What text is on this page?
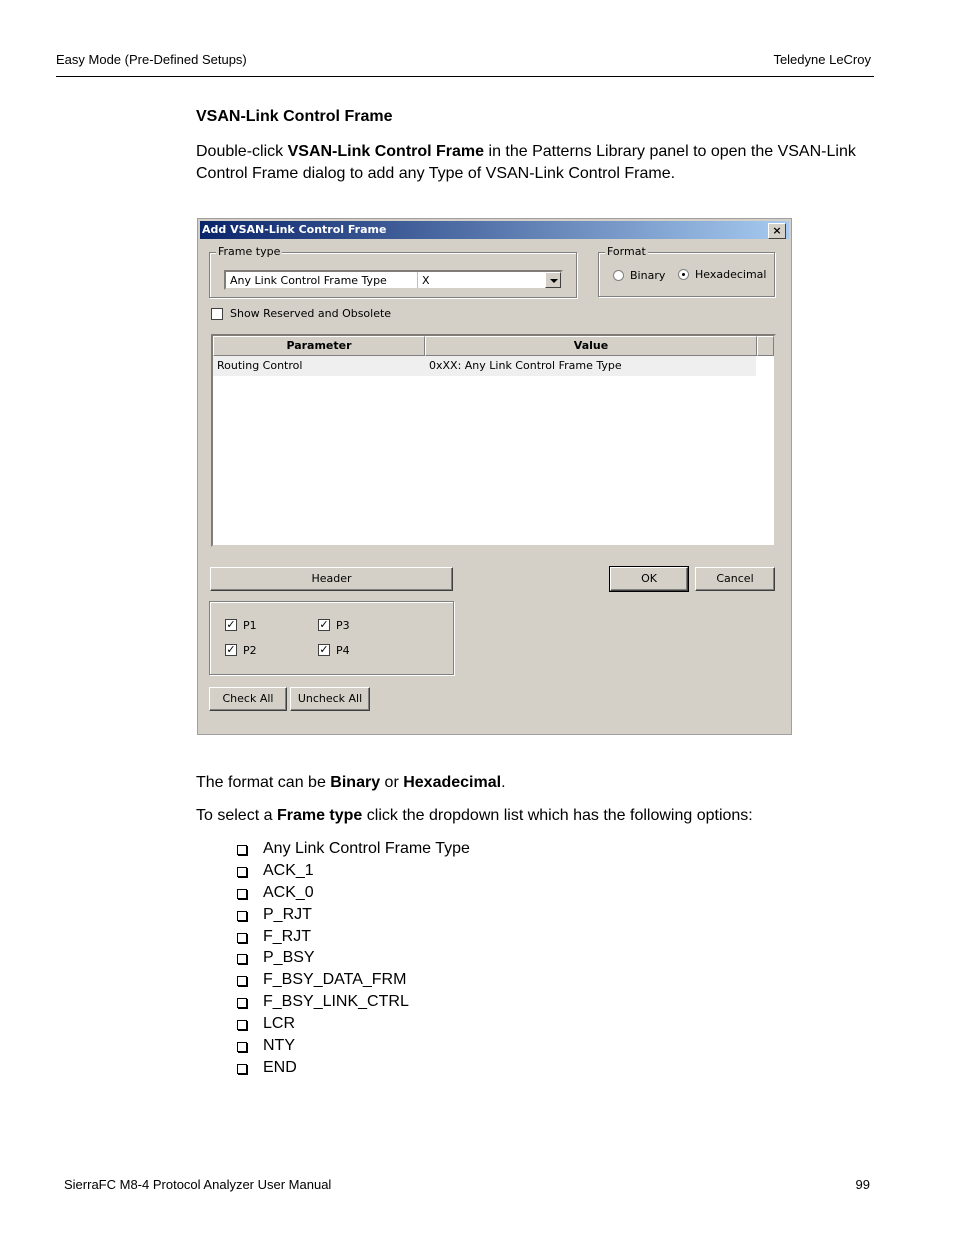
Easy Mode (Pre-Defined Setups)	Teledyne LeCroy
VSAN-Link Control Frame
Double-click VSAN-Link Control Frame in the Patterns Library panel to open the VSAN-Link Control Frame dialog to add any Type of VSAN-Link Control Frame.
Add VSAN-Link Control Frame	×
Frame type
Any Link Control Frame Type	X
Format
Binary	Hexadecimal
Show Reserved and Obsolete
Parameter	Value
Routing Control	0xXX: Any Link Control Frame Type
Header	OK	Cancel
✓ P1	✓ P3
✓ P2	✓ P4
Check All	Uncheck All
The format can be Binary or Hexadecimal.
To select a Frame type click the dropdown list which has the following options:
Any Link Control Frame Type
ACK_1
ACK_0
P_RJT
F_RJT
P_BSY
F_BSY_DATA_FRM
F_BSY_LINK_CTRL
LCR
NTY
END
SierraFC M8-4 Protocol Analyzer User Manual	99
